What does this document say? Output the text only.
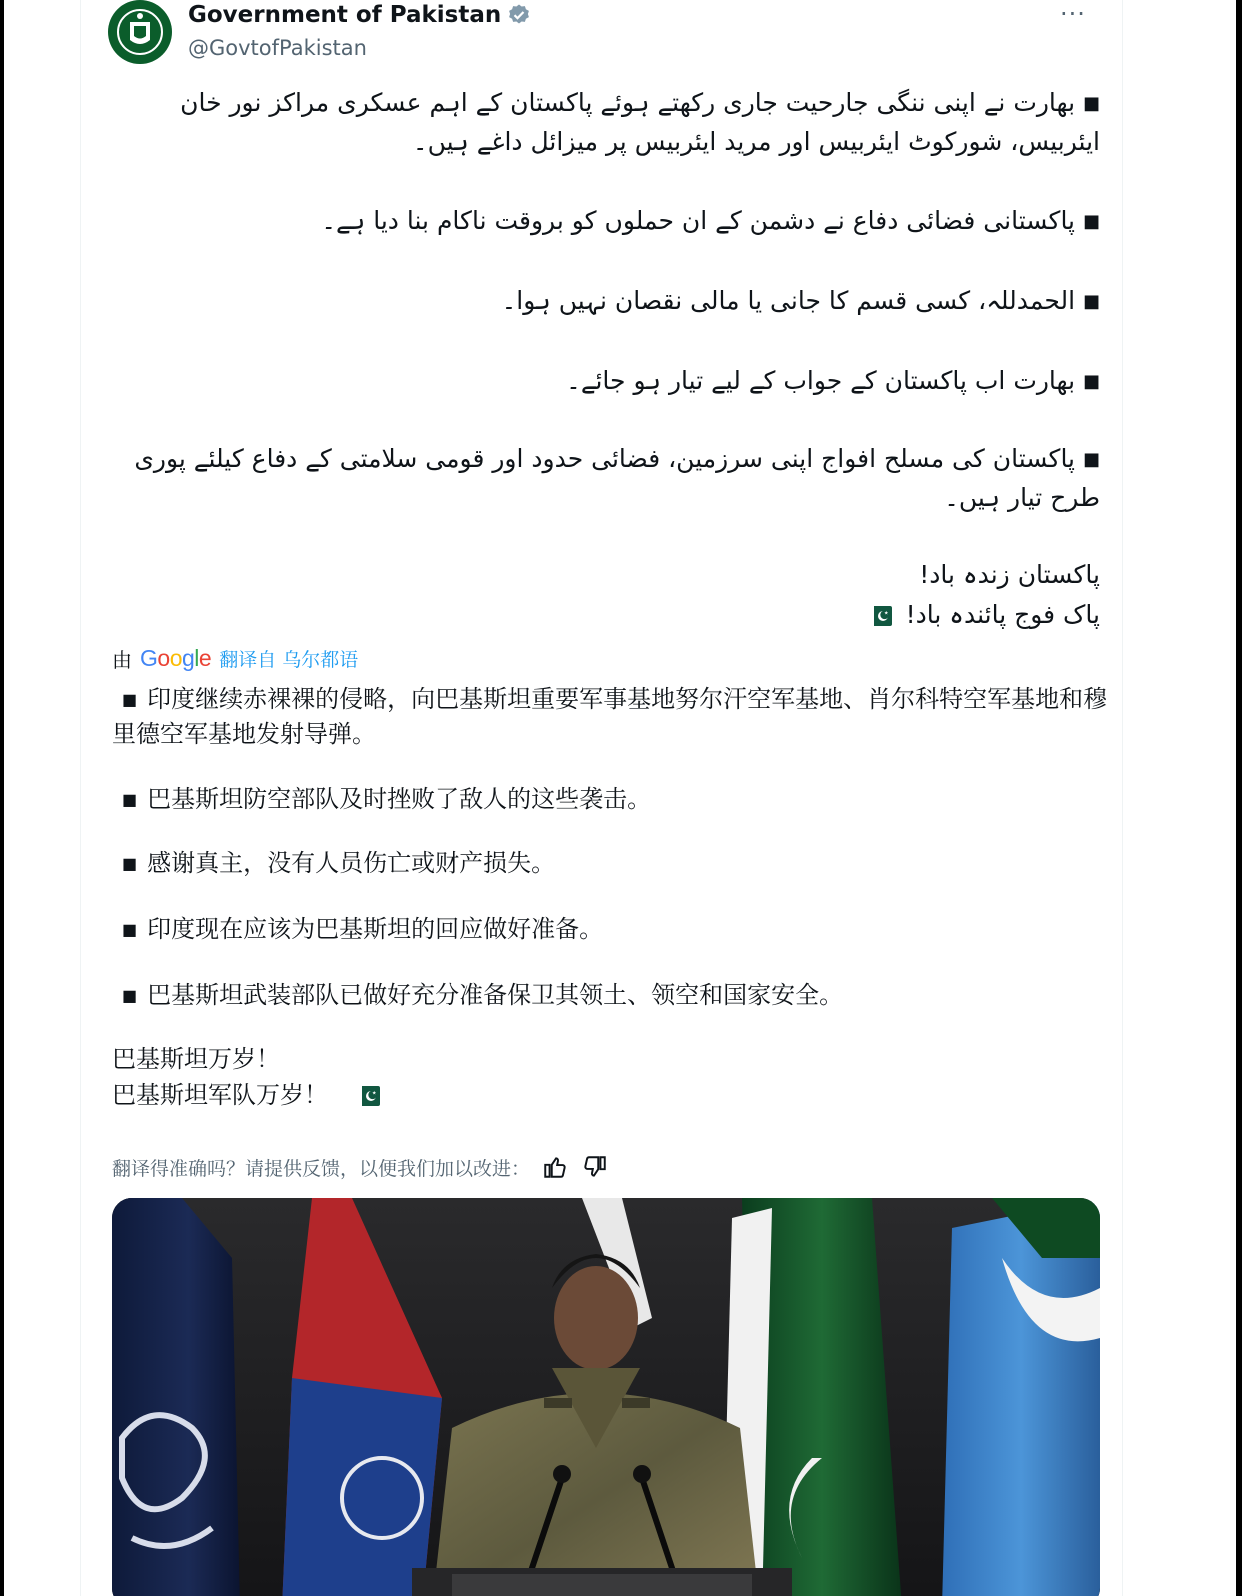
Government of Pakistan
@GovtofPakistan
···
■ بھارت نے اپنی ننگی جارحیت جاری رکھتے ہوئے پاکستان کے اہم عسکری مراکز نور خان ایئربیس، شورکوٹ ایئربیس اور مرید ایئربیس پر میزائل داغے ہیں۔
■ پاکستانی فضائی دفاع نے دشمن کے ان حملوں کو بروقت ناکام بنا دیا ہے۔
■ الحمدللہ، کسی قسم کا جانی یا مالی نقصان نہیں ہوا۔
■ بھارت اب پاکستان کے جواب کے لیے تیار ہو جائے۔
■ پاکستان کی مسلح افواج اپنی سرزمین، فضائی حدود اور قومی سلامتی کے دفاع کیلئے پوری طرح تیار ہیں۔
پاکستان زندہ باد!
پاک فوج پائندہ باد!
由 Google 翻译自 乌尔都语
■ 印度继续赤裸裸的侵略，向巴基斯坦重要军事基地努尔汗空军基地、肖尔科特空军基地和穆里德空军基地发射导弹。
■ 巴基斯坦防空部队及时挫败了敌人的这些袭击。
■ 感谢真主，没有人员伤亡或财产损失。
■ 印度现在应该为巴基斯坦的回应做好准备。
■ 巴基斯坦武装部队已做好充分准备保卫其领土、领空和国家安全。
巴基斯坦万岁！
巴基斯坦军队万岁！
翻译得准确吗？请提供反馈，以便我们加以改进：
